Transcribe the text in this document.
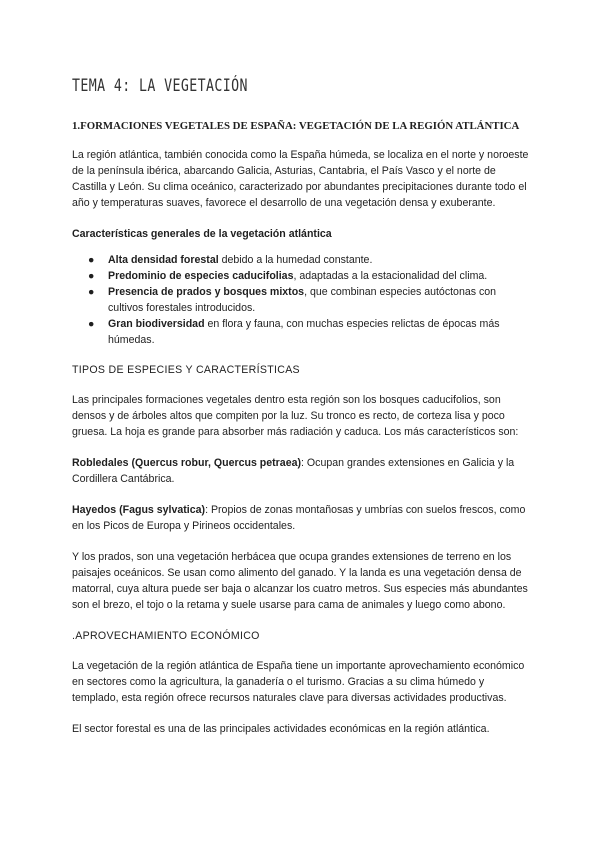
TEMA 4: LA VEGETACIÓN
1.FORMACIONES VEGETALES DE ESPAÑA: VEGETACIÓN DE LA REGIÓN ATLÁNTICA

La región atlántica, también conocida como la España húmeda, se localiza en el norte y noroeste de la península ibérica, abarcando Galicia, Asturias, Cantabria, el País Vasco y el norte de Castilla y León. Su clima oceánico, caracterizado por abundantes precipitaciones durante todo el año y temperaturas suaves, favorece el desarrollo de una vegetación densa y exuberante.

Características generales de la vegetación atlántica
● Alta densidad forestal debido a la humedad constante.
● Predominio de especies caducifolias, adaptadas a la estacionalidad del clima.
● Presencia de prados y bosques mixtos, que combinan especies autóctonas con cultivos forestales introducidos.
● Gran biodiversidad en flora y fauna, con muchas especies relictas de épocas más húmedas.
TIPOS DE ESPECIES Y CARACTERÍSTICAS

Las principales formaciones vegetales dentro esta región son los bosques caducifolios, son densos y de árboles altos que compiten por la luz. Su tronco es recto, de corteza lisa y poco gruesa. La hoja es grande para absorber más radiación y caduca. Los más característicos son:

Robledales (Quercus robur, Quercus petraea): Ocupan grandes extensiones en Galicia y la Cordillera Cantábrica.

Hayedos (Fagus sylvatica): Propios de zonas montañosas y umbrías con suelos frescos, como en los Picos de Europa y Pirineos occidentales.

Y los prados, son una vegetación herbácea que ocupa grandes extensiones de terreno en los paisajes oceánicos. Se usan como alimento del ganado. Y la landa es una vegetación densa de matorral, cuya altura puede ser baja o alcanzar los cuatro metros. Sus especies más abundantes son el brezo, el tojo o la retama y suele usarse para cama de animales y luego como abono.

.APROVECHAMIENTO ECONÓMICO

La vegetación de la región atlántica de España tiene un importante aprovechamiento económico en sectores como la agricultura, la ganadería o el turismo. Gracias a su clima húmedo y templado, esta región ofrece recursos naturales clave para diversas actividades productivas.

El sector forestal es una de las principales actividades económicas en la región atlántica.
